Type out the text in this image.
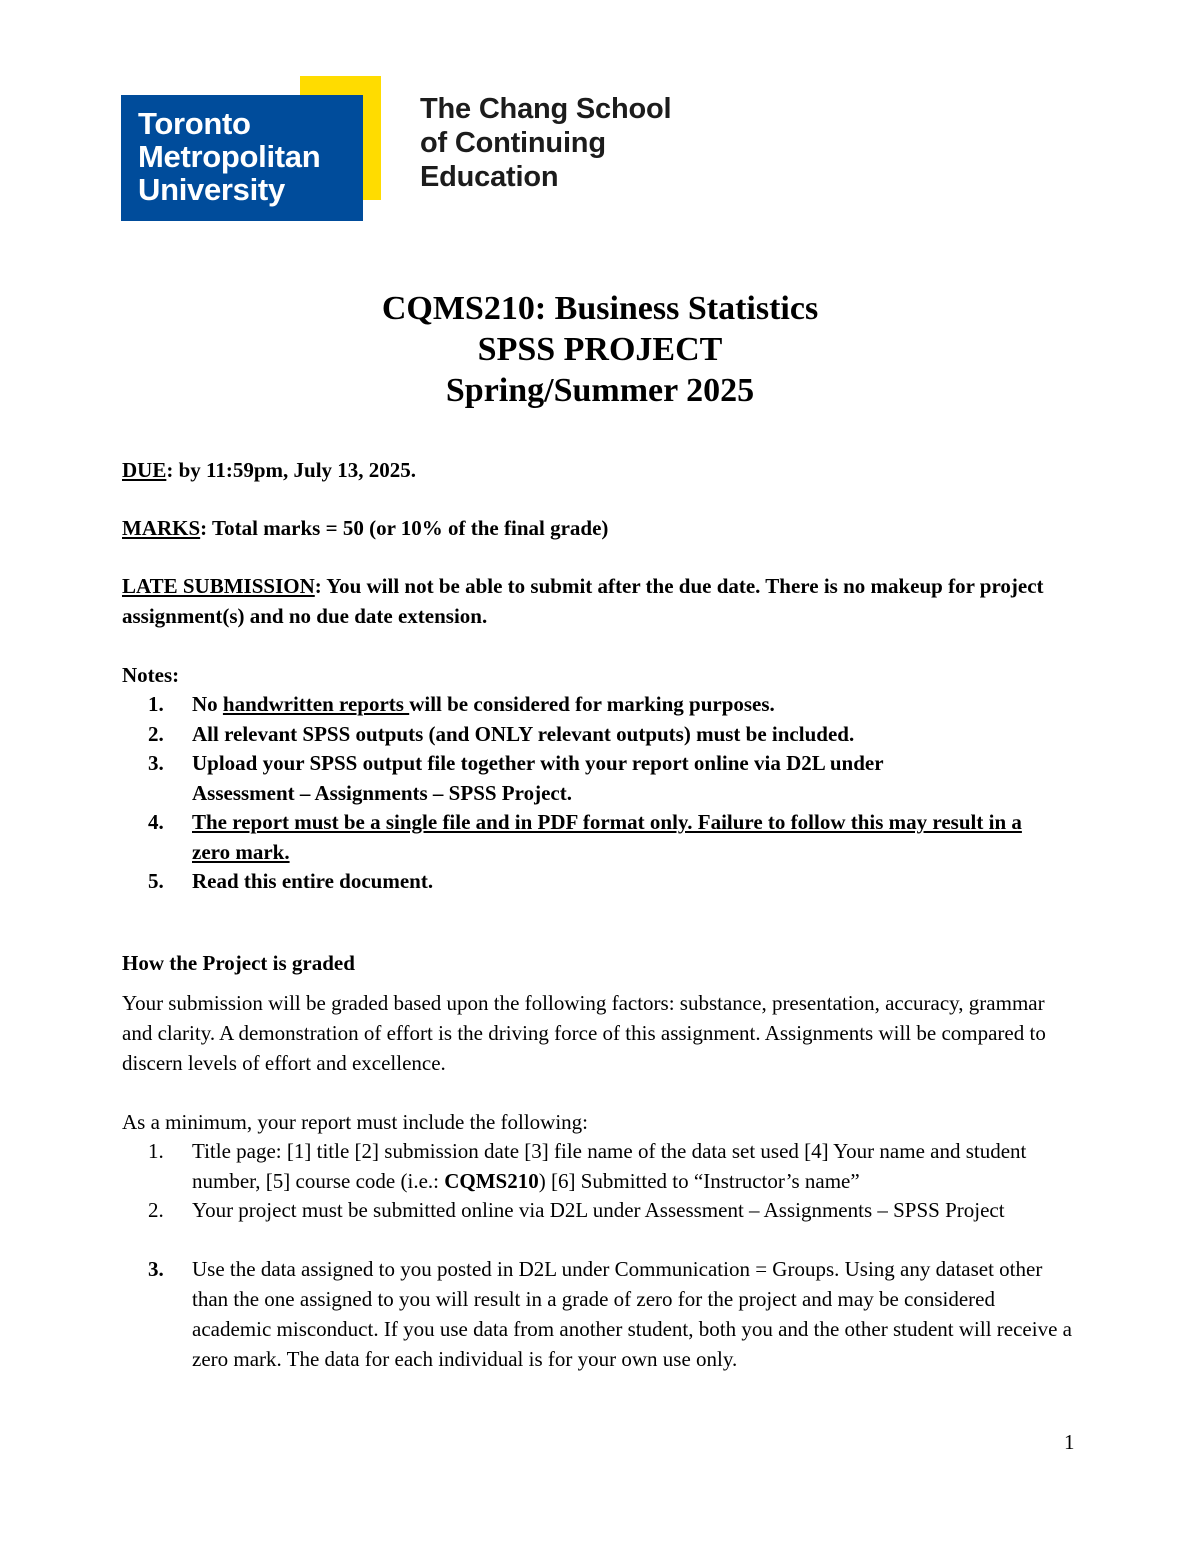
Toronto
Metropolitan
University
The Chang School
of Continuing
Education
CQMS210: Business Statistics
SPSS PROJECT
Spring/Summer 2025
DUE: by 11:59pm, July 13, 2025.
MARKS: Total marks = 50 (or 10% of the final grade)
LATE SUBMISSION: You will not be able to submit after the due date. There is no makeup for project assignment(s) and no due date extension.
Notes:
1.	No handwritten reports will be considered for marking purposes.
2.	All relevant SPSS outputs (and ONLY relevant outputs) must be included.
3.	Upload your SPSS output file together with your report online via D2L under Assessment – Assignments – SPSS Project.
4.	The report must be a single file and in PDF format only. Failure to follow this may result in a zero mark.
5.	Read this entire document.
How the Project is graded
Your submission will be graded based upon the following factors: substance, presentation, accuracy, grammar and clarity. A demonstration of effort is the driving force of this assignment. Assignments will be compared to discern levels of effort and excellence.
As a minimum, your report must include the following:
1.	Title page: [1] title [2] submission date [3] file name of the data set used [4] Your name and student number, [5] course code (i.e.: CQMS210) [6] Submitted to “Instructor’s name”
2.	Your project must be submitted online via D2L under Assessment – Assignments – SPSS Project
3.	Use the data assigned to you posted in D2L under Communication = Groups. Using any dataset other than the one assigned to you will result in a grade of zero for the project and may be considered academic misconduct. If you use data from another student, both you and the other student will receive a zero mark. The data for each individual is for your own use only.
1
